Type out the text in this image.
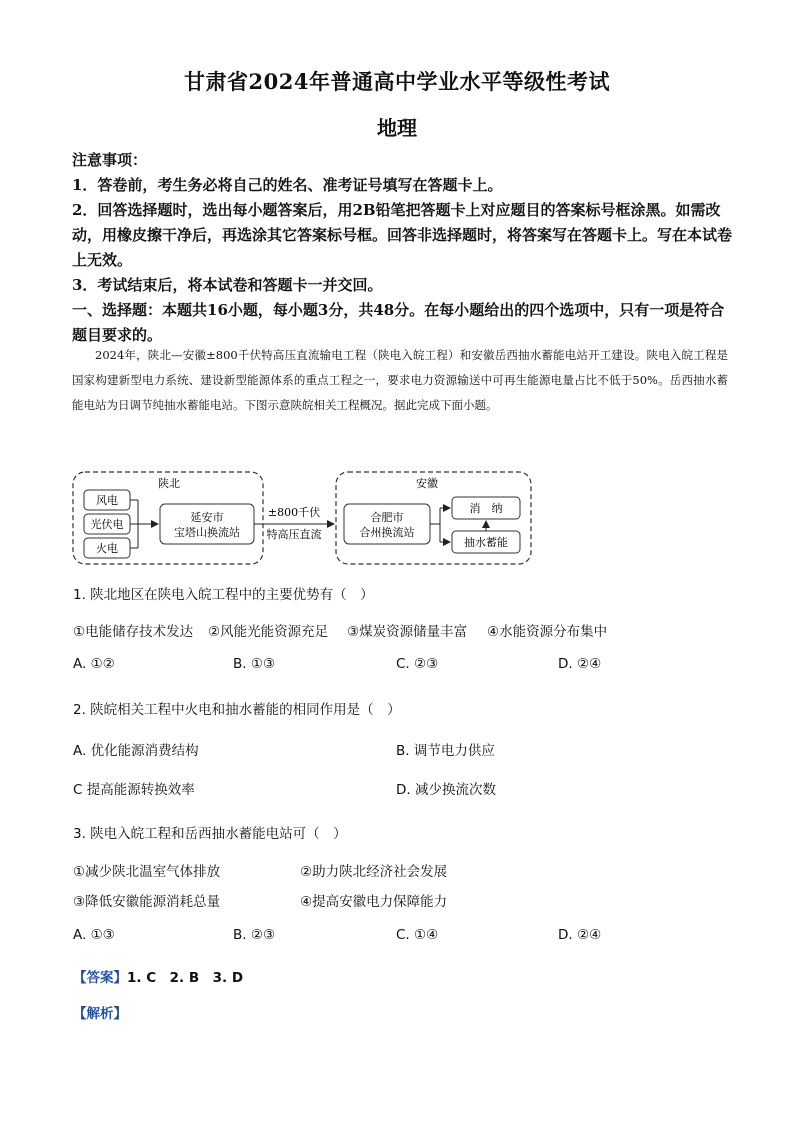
甘肃省2024年普通高中学业水平等级性考试
地理

注意事项：

1．答卷前，考生务必将自己的姓名、准考证号填写在答题卡上。

2．回答选择题时，选出每小题答案后，用2B铅笔把答题卡上对应题目的答案标号框涂黑。如需改动，用橡皮擦干净后，再选涂其它答案标号框。回答非选择题时，将答案写在答题卡上。写在本试卷上无效。

3．考试结束后，将本试卷和答题卡一并交回。

一、选择题：本题共16小题，每小题3分，共48分。在每小题给出的四个选项中，只有一项是符合题目要求的。

2024年，陕北—安徽±800千伏特高压直流输电工程（陕电入皖工程）和安徽岳西抽水蓄能电站开工建设。陕电入皖工程是国家构建新型电力系统、建设新型能源体系的重点工程之一，要求电力资源输送中可再生能源电量占比不低于50%。岳西抽水蓄能电站为日调节纯抽水蓄能电站。下图示意陕皖相关工程概况。据此完成下面小题。
陕北
风电
光伏电
火电
延安市
宝塔山换流站
±800千伏
特高压直流
安徽
合肥市
合州换流站
消　纳
抽水蓄能
1. 陕北地区在陕电入皖工程中的主要优势有（　）
①电能储存技术发达 ②风能光能资源充足 ③煤炭资源储量丰富 ④水能资源分布集中
A. ①②	B. ①③	C. ②③	D. ②④
2. 陕皖相关工程中火电和抽水蓄能的相同作用是（　）
A. 优化能源消费结构	B. 调节电力供应
C 提高能源转换效率	D. 减少换流次数
3. 陕电入皖工程和岳西抽水蓄能电站可（　）
①减少陕北温室气体排放	②助力陕北经济社会发展
③降低安徽能源消耗总量	④提高安徽电力保障能力
A. ①③	B. ②③	C. ①④	D. ②④
【答案】1. C　2. B　3. D
【解析】
